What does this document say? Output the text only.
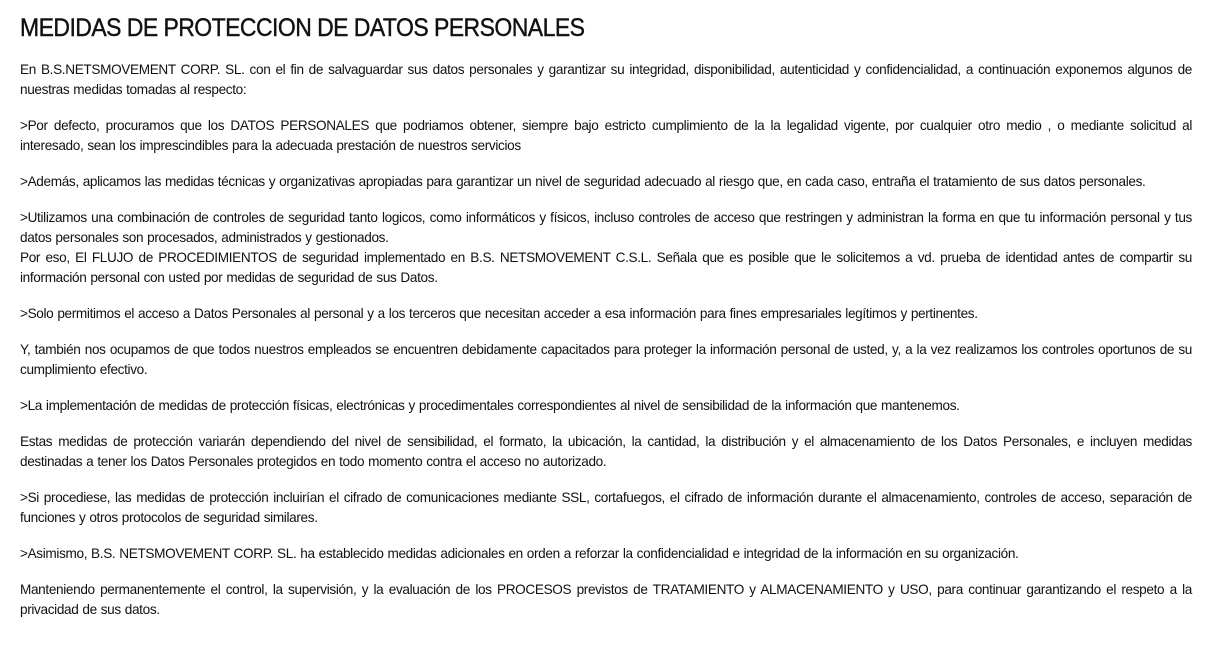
MEDIDAS DE PROTECCION DE DATOS PERSONALES

En B.S.NETSMOVEMENT CORP. SL. con el fin de salvaguardar sus datos personales y garantizar su integridad, disponibilidad, autenticidad y confidencialidad, a continuación exponemos algunos de nuestras medidas tomadas al respecto:

>Por defecto, procuramos que los DATOS PERSONALES que podriamos obtener, siempre bajo estricto cumplimiento de la la legalidad vigente, por cualquier otro medio , o mediante solicitud al interesado, sean los imprescindibles para la adecuada prestación de nuestros servicios

>Además, aplicamos las medidas técnicas y organizativas apropiadas para garantizar un nivel de seguridad adecuado al riesgo que, en cada caso, entraña el tratamiento de sus datos personales.

>Utilizamos una combinación de controles de seguridad tanto logicos, como informáticos y físicos, incluso controles de acceso que restringen y administran la forma en que tu información personal y tus datos personales son procesados, administrados y gestionados.
Por eso, El FLUJO de PROCEDIMIENTOS de seguridad implementado en B.S. NETSMOVEMENT C.S.L. Señala que es posible que le solicitemos a vd. prueba de identidad antes de compartir su información personal con usted por medidas de seguridad de sus Datos.

>Solo permitimos el acceso a Datos Personales al personal y a los terceros que necesitan acceder a esa información para fines empresariales legítimos y pertinentes.

Y, también nos ocupamos de que todos nuestros empleados se encuentren debidamente capacitados para proteger la información personal de usted, y, a la vez realizamos los controles oportunos de su cumplimiento efectivo.

>La implementación de medidas de protección físicas, electrónicas y procedimentales correspondientes al nivel de sensibilidad de la información que mantenemos.

Estas medidas de protección variarán dependiendo del nivel de sensibilidad, el formato, la ubicación, la cantidad, la distribución y el almacenamiento de los Datos Personales, e incluyen medidas destinadas a tener los Datos Personales protegidos en todo momento contra el acceso no autorizado.

>Si procediese, las medidas de protección incluirían el cifrado de comunicaciones mediante SSL, cortafuegos, el cifrado de información durante el almacenamiento, controles de acceso, separación de funciones y otros protocolos de seguridad similares.

>Asimismo, B.S. NETSMOVEMENT CORP. SL. ha establecido medidas adicionales en orden a reforzar la confidencialidad e integridad de la información en su organización.

Manteniendo permanentemente el control, la supervisión, y la evaluación de los PROCESOS previstos de TRATAMIENTO y ALMACENAMIENTO y USO, para continuar garantizando el respeto a la privacidad de sus datos.
